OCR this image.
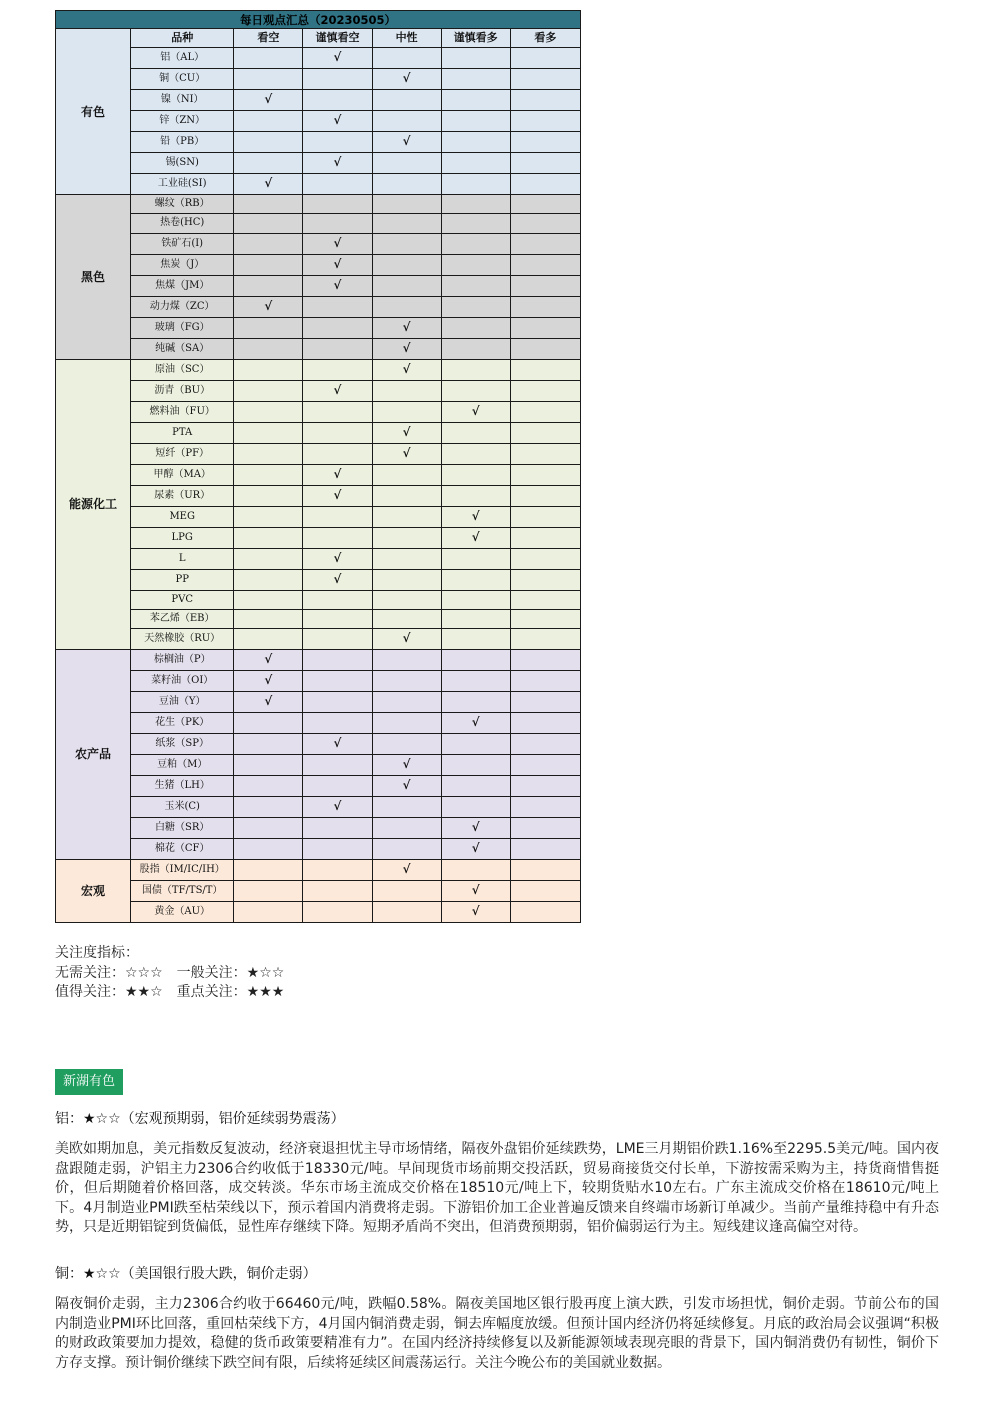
每日观点汇总（20230505）						
有色	品种	看空	谨慎看空	中性	谨慎看多	看多
	铝（AL）		√			
	铜（CU）			√		
	镍（NI）	√				
	锌（ZN）		√			
	铅（PB）			√		
	锡(SN)		√			
	工业硅(SI)	√				
黑色	螺纹（RB）					
	热卷(HC)					
	铁矿石(I)		√			
	焦炭（J）		√			
	焦煤（JM）		√			
	动力煤（ZC）	√				
	玻璃（FG）			√		
	纯碱（SA）			√		
能源化工	原油（SC）			√		
	沥青（BU）		√			
	燃料油（FU）				√	
	PTA			√		
	短纤（PF）			√		
	甲醇（MA）		√			
	尿素（UR）		√			
	MEG				√	
	LPG				√	
	L		√			
	PP		√			
	PVC					
	苯乙烯（EB）					
	天然橡胶（RU）			√		
农产品	棕榈油（P）	√				
	菜籽油（OI）	√				
	豆油（Y）	√				
	花生（PK）				√	
	纸浆（SP）		√			
	豆粕（M）			√		
	生猪（LH）			√		
	玉米(C)		√			
	白糖（SR）				√	
	棉花（CF）				√	
宏观	股指（IM/IC/IH）			√		
	国债（TF/TS/T）				√	
	黄金（AU）				√	
关注度指标：
无需关注：☆☆☆　一般关注：★☆☆
值得关注：★★☆　重点关注：★★★
新湖有色
铝：★☆☆（宏观预期弱，铝价延续弱势震荡）
美欧如期加息，美元指数反复波动，经济衰退担忧主导市场情绪，隔夜外盘铝价延续跌势，LME三月期铝价跌1.16%至2295.5美元/吨。国内夜盘跟随走弱，沪铝主力2306合约收低于18330元/吨。早间现货市场前期交投活跃，贸易商接货交付长单，下游按需采购为主，持货商惜售挺价，但后期随着价格回落，成交转淡。华东市场主流成交价格在18510元/吨上下，较期货贴水10左右。广东主流成交价格在18610元/吨上下。4月制造业PMI跌至枯荣线以下，预示着国内消费将走弱。下游铝价加工企业普遍反馈来自终端市场新订单减少。当前产量维持稳中有升态势，只是近期铝锭到货偏低，显性库存继续下降。短期矛盾尚不突出，但消费预期弱，铝价偏弱运行为主。短线建议逢高偏空对待。
铜：★☆☆（美国银行股大跌，铜价走弱）
隔夜铜价走弱，主力2306合约收于66460元/吨，跌幅0.58%。隔夜美国地区银行股再度上演大跌，引发市场担忧，铜价走弱。节前公布的国内制造业PMI环比回落，重回枯荣线下方，4月国内铜消费走弱，铜去库幅度放缓。但预计国内经济仍将延续修复。月底的政治局会议强调“积极的财政政策要加力提效，稳健的货币政策要精准有力”。在国内经济持续修复以及新能源领域表现亮眼的背景下，国内铜消费仍有韧性，铜价下方存支撑。预计铜价继续下跌空间有限，后续将延续区间震荡运行。关注今晚公布的美国就业数据。
